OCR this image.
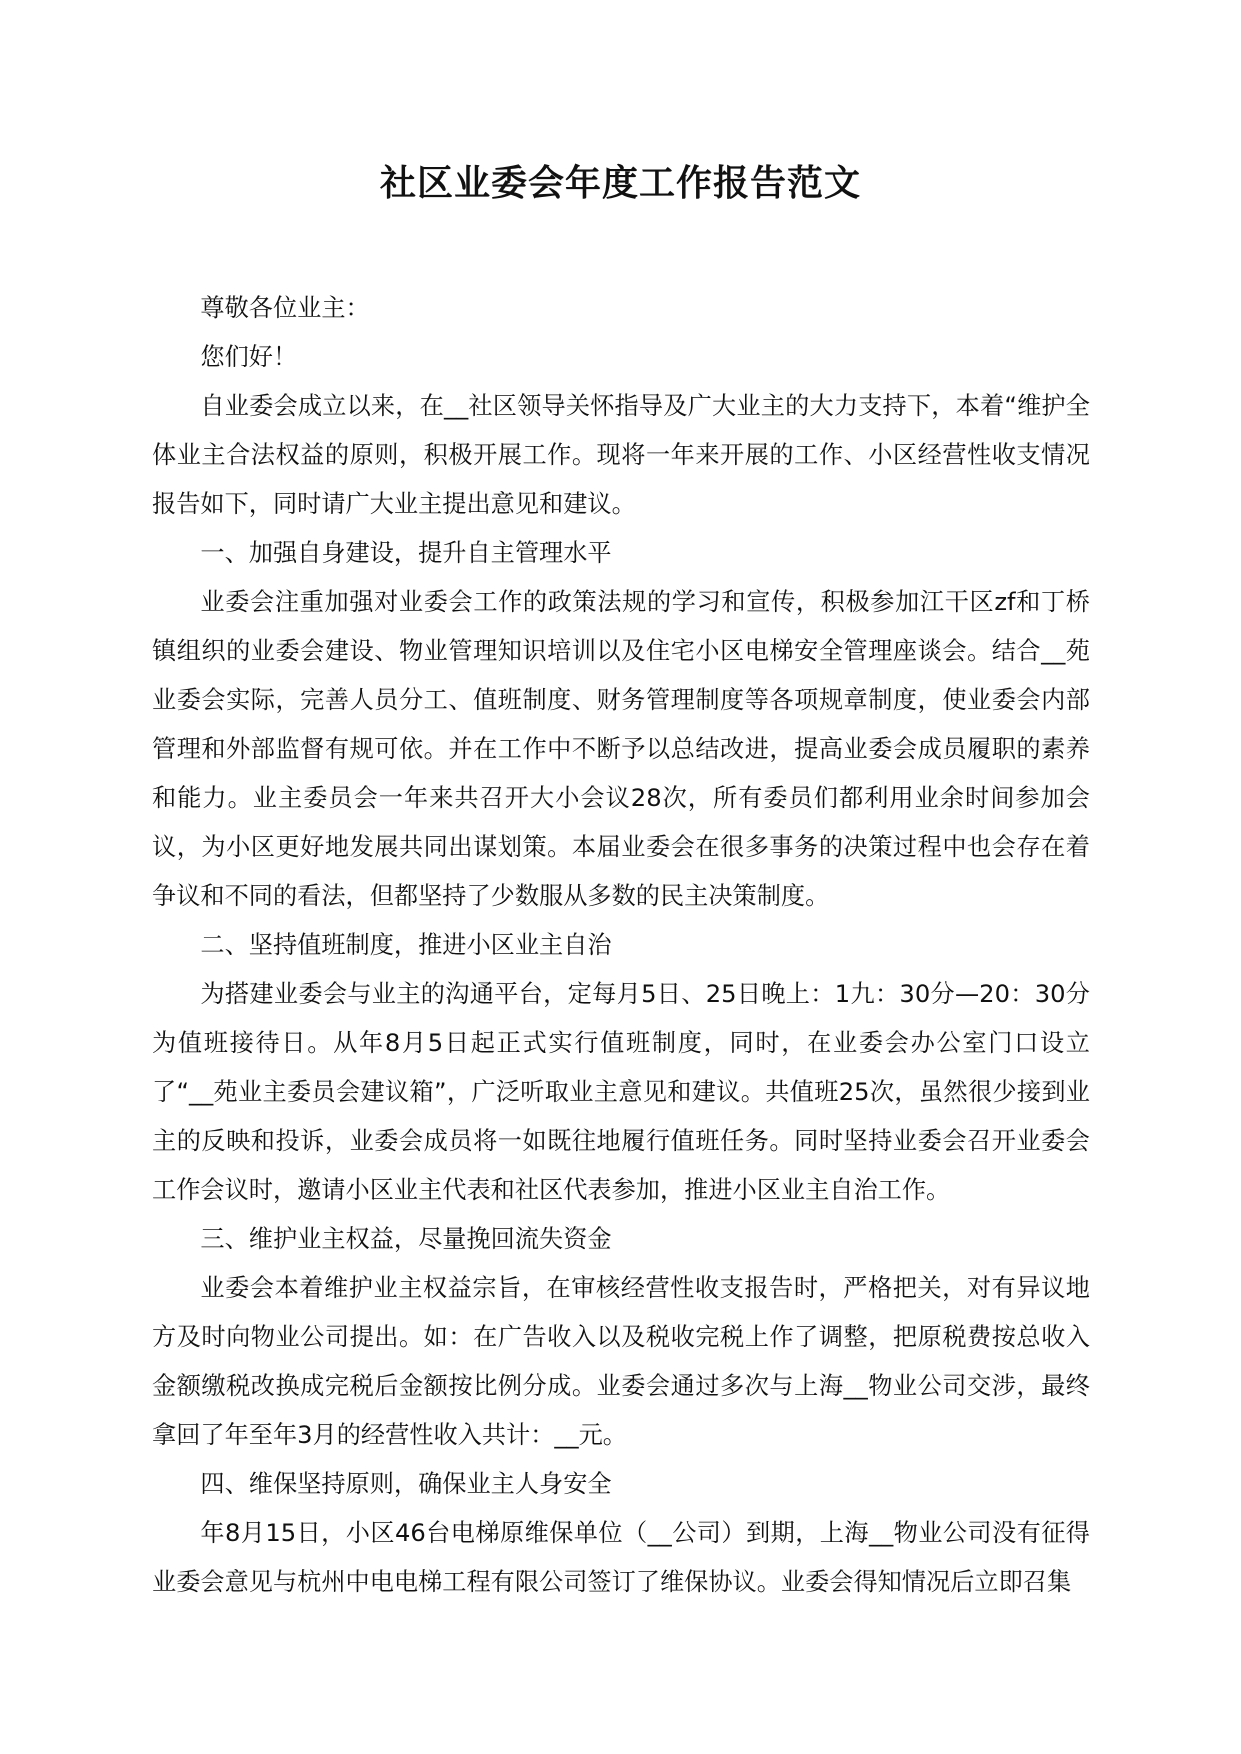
社区业委会年度工作报告范文

尊敬各位业主：

您们好！

自业委会成立以来，在__社区领导关怀指导及广大业主的大力支持下，本着“维护全体业主合法权益的原则，积极开展工作。现将一年来开展的工作、小区经营性收支情况报告如下，同时请广大业主提出意见和建议。

一、加强自身建设，提升自主管理水平

业委会注重加强对业委会工作的政策法规的学习和宣传，积极参加江干区zf和丁桥镇组织的业委会建设、物业管理知识培训以及住宅小区电梯安全管理座谈会。结合__苑业委会实际，完善人员分工、值班制度、财务管理制度等各项规章制度，使业委会内部管理和外部监督有规可依。并在工作中不断予以总结改进，提高业委会成员履职的素养和能力。业主委员会一年来共召开大小会议28次，所有委员们都利用业余时间参加会议，为小区更好地发展共同出谋划策。本届业委会在很多事务的决策过程中也会存在着争议和不同的看法，但都坚持了少数服从多数的民主决策制度。

二、坚持值班制度，推进小区业主自治

为搭建业委会与业主的沟通平台，定每月5日、25日晚上：1九：30分—20：30分为值班接待日。从年8月5日起正式实行值班制度，同时，在业委会办公室门口设立了“__苑业主委员会建议箱”，广泛听取业主意见和建议。共值班25次，虽然很少接到业主的反映和投诉，业委会成员将一如既往地履行值班任务。同时坚持业委会召开业委会工作会议时，邀请小区业主代表和社区代表参加，推进小区业主自治工作。

三、维护业主权益，尽量挽回流失资金

业委会本着维护业主权益宗旨，在审核经营性收支报告时，严格把关，对有异议地方及时向物业公司提出。如：在广告收入以及税收完税上作了调整，把原税费按总收入金额缴税改换成完税后金额按比例分成。业委会通过多次与上海__物业公司交涉，最终拿回了年至年3月的经营性收入共计：__元。

四、维保坚持原则，确保业主人身安全

年8月15日，小区46台电梯原维保单位（__公司）到期，上海__物业公司没有征得业委会意见与杭州中电电梯工程有限公司签订了维保协议。业委会得知情况后立即召集
